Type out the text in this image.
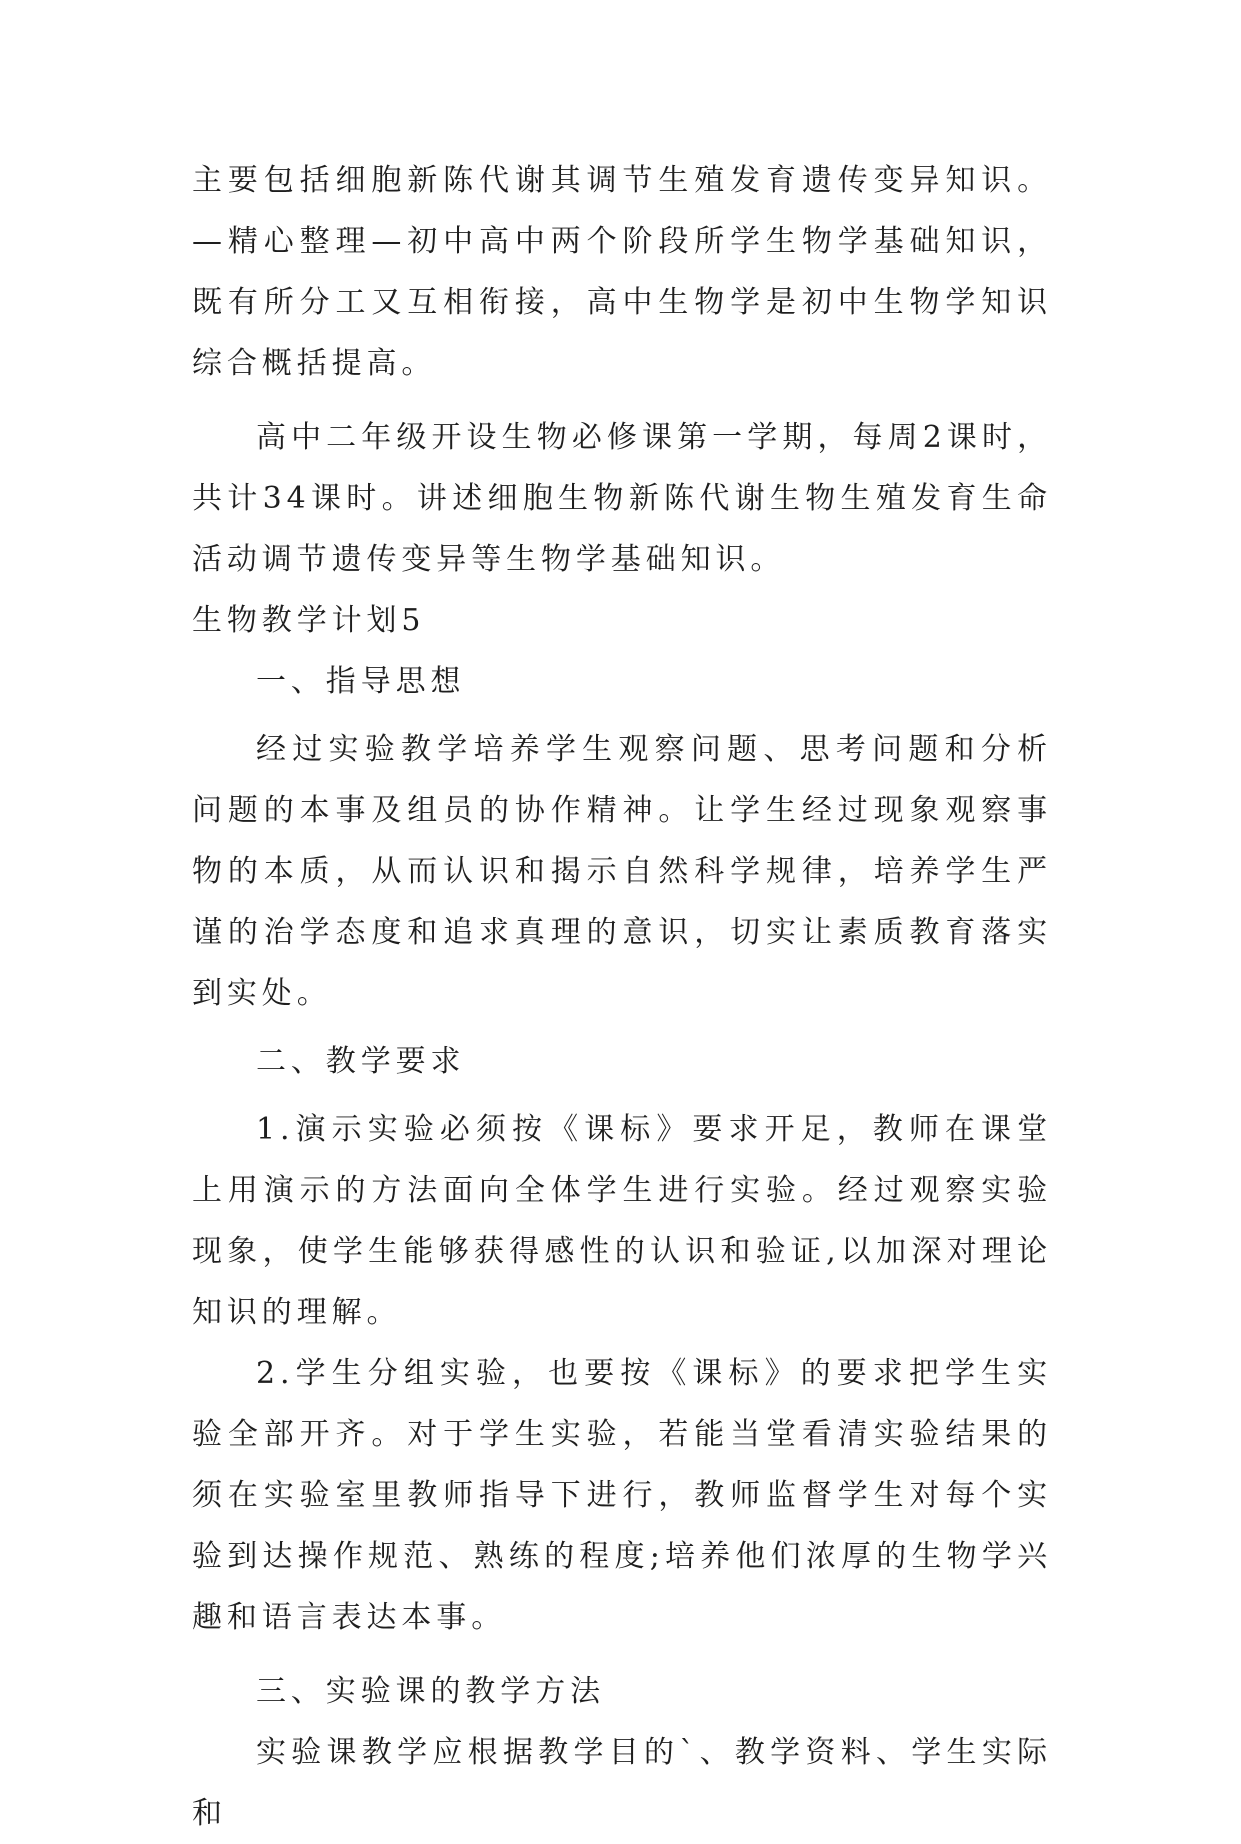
主要包括细胞新陈代谢其调节生殖发育遗传变异知识。—精心整理—初中高中两个阶段所学生物学基础知识，既有所分工又互相衔接，高中生物学是初中生物学知识综合概括提高。

高中二年级开设生物必修课第一学期，每周2课时，共计34课时。讲述细胞生物新陈代谢生物生殖发育生命活动调节遗传变异等生物学基础知识。

生物教学计划5

一、指导思想

经过实验教学培养学生观察问题、思考问题和分析问题的本事及组员的协作精神。让学生经过现象观察事物的本质，从而认识和揭示自然科学规律，培养学生严谨的治学态度和追求真理的意识，切实让素质教育落实到实处。

二、教学要求

1.演示实验必须按《课标》要求开足，教师在课堂上用演示的方法面向全体学生进行实验。经过观察实验现象，使学生能够获得感性的认识和验证,以加深对理论知识的理解。

2.学生分组实验，也要按《课标》的要求把学生实验全部开齐。对于学生实验，若能当堂看清实验结果的须在实验室里教师指导下进行，教师监督学生对每个实验到达操作规范、熟练的程度;培养他们浓厚的生物学兴趣和语言表达本事。

三、实验课的教学方法

实验课教学应根据教学目的`、教学资料、学生实际和
